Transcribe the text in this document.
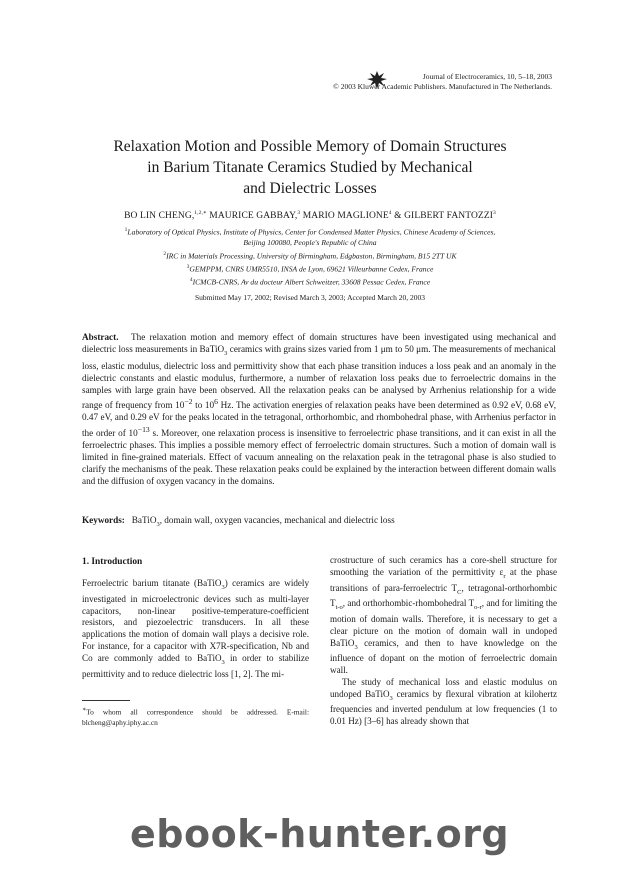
Journal of Electroceramics, 10, 5–18, 2003
© 2003 Kluwer Academic Publishers. Manufactured in The Netherlands.
Relaxation Motion and Possible Memory of Domain Structures
in Barium Titanate Ceramics Studied by Mechanical
and Dielectric Losses
BO LIN CHENG,$^{1,2,∗}$ MAURICE GABBAY,$^3$ MARIO MAGLIONE$^4$ & GILBERT FANTOZZI$^3$
$^1$Laboratory of Optical Physics, Institute of Physics, Center for Condensed Matter Physics, Chinese Academy of Sciences,
Beijing 100080, People's Republic of China
$^2$IRC in Materials Processing, University of Birmingham, Edgbaston, Birmingham, B15 2TT UK
$^3$GEMPPM, CNRS UMR5510, INSA de Lyon, 69621 Villeurbanne Cedex, France
$^4$ICMCB-CNRS, Av du docteur Albert Schweitzer, 33608 Pessac Cedex, France
Submitted May 17, 2002; Revised March 3, 2003; Accepted March 20, 2003
Abstract. The relaxation motion and memory effect of domain structures have been investigated using mechanical and dielectric loss measurements in BaTiO$_3$ ceramics with grains sizes varied from 1 μm to 50 μm. The measurements of mechanical loss, elastic modulus, dielectric loss and permittivity show that each phase transition induces a loss peak and an anomaly in the dielectric constants and elastic modulus, furthermore, a number of relaxation loss peaks due to ferroelectric domains in the samples with large grain have been observed. All the relaxation peaks can be analysed by Arrhenius relationship for a wide range of frequency from $10^{-2}$ to $10^6$ Hz. The activation energies of relaxation peaks have been determined as 0.92 eV, 0.68 eV, 0.47 eV, and 0.29 eV for the peaks located in the tetragonal, orthorhombic, and rhombohedral phase, with Arrhenius perfactor in the order of $10^{-13}$ s. Moreover, one relaxation process is insensitive to ferroelectric phase transitions, and it can exist in all the ferroelectric phases. This implies a possible memory effect of ferroelectric domain structures. Such a motion of domain wall is limited in fine-grained materials. Effect of vacuum annealing on the relaxation peak in the tetragonal phase is also studied to clarify the mechanisms of the peak. These relaxation peaks could be explained by the interaction between different domain walls and the diffusion of oxygen vacancy in the domains.
Keywords: BaTiO$_3$, domain wall, oxygen vacancies, mechanical and dielectric loss
1. Introduction

Ferroelectric barium titanate (BaTiO$_3$) ceramics are widely investigated in microelectronic devices such as multi-layer capacitors, non-linear positive-temperature-coefficient resistors, and piezoelectric transducers. In all these applications the motion of domain wall plays a decisive role. For instance, for a capacitor with X7R-specification, Nb and Co are commonly added to BaTiO$_3$ in order to stabilize permittivity and to reduce dielectric loss [1, 2]. The mi-

∗To whom all correspondence should be addressed. E-mail: blcheng@aphy.iphy.ac.cn

crostructure of such ceramics has a core-shell structure for smoothing the variation of the permittivity $\varepsilon_r$ at the phase transitions of para-ferroelectric $T_C$, tetragonal-orthorhombic $T_{t-o}$, and orthorhombic-rhombohedral $T_{o-r}$, and for limiting the motion of domain walls. Therefore, it is necessary to get a clear picture on the motion of domain wall in undoped BaTiO$_3$ ceramics, and then to have knowledge on the influence of dopant on the motion of ferroelectric domain wall.

The study of mechanical loss and elastic modulus on undoped BaTiO$_3$ ceramics by flexural vibration at kilohertz frequencies and inverted pendulum at low frequencies (1 to 0.01 Hz) [3–6] has already shown that

ebook-hunter.org
